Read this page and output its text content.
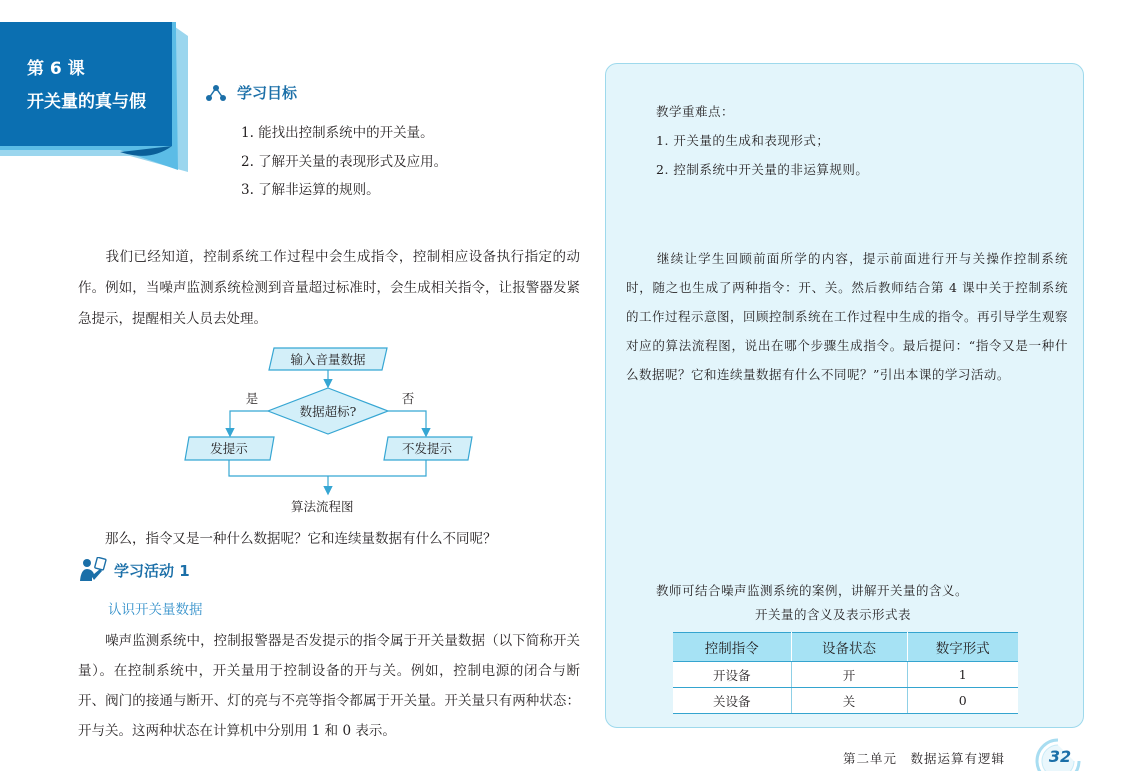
第 6 课
开关量的真与假	学习目标
1. 能找出控制系统中的开关量。
2. 了解开关量的表现形式及应用。
3. 了解非运算的规则。

我们已经知道，控制系统工作过程中会生成指令，控制相应设备执行指定的动作。例如，当噪声监测系统检测到音量超过标准时，会生成相关指令，让报警器发紧急提示，提醒相关人员去处理。

输入音量数据
数据超标?
是	否
发提示	不发提示
算法流程图

那么，指令又是一种什么数据呢？它和连续量数据有什么不同呢？

学习活动 1
认识开关量数据

噪声监测系统中，控制报警器是否发提示的指令属于开关量数据（以下简称开关量）。在控制系统中，开关量用于控制设备的开与关。例如，控制电源的闭合与断开、阀门的接通与断开、灯的亮与不亮等指令都属于开关量。开关量只有两种状态：开与关。这两种状态在计算机中分别用 1 和 0 表示。

教学重难点：
1. 开关量的生成和表现形式；
2. 控制系统中开关量的非运算规则。

继续让学生回顾前面所学的内容，提示前面进行开与关操作控制系统时，随之也生成了两种指令：开、关。然后教师结合第 4 课中关于控制系统的工作过程示意图，回顾控制系统在工作过程中生成的指令。再引导学生观察对应的算法流程图，说出在哪个步骤生成指令。最后提问：“指令又是一种什么数据呢？它和连续量数据有什么不同呢？”引出本课的学习活动。

教师可结合噪声监测系统的案例，讲解开关量的含义。
开关量的含义及表示形式表
控制指令	设备状态	数字形式
开设备	开	1
关设备	关	0
第二单元　数据运算有逻辑	32
